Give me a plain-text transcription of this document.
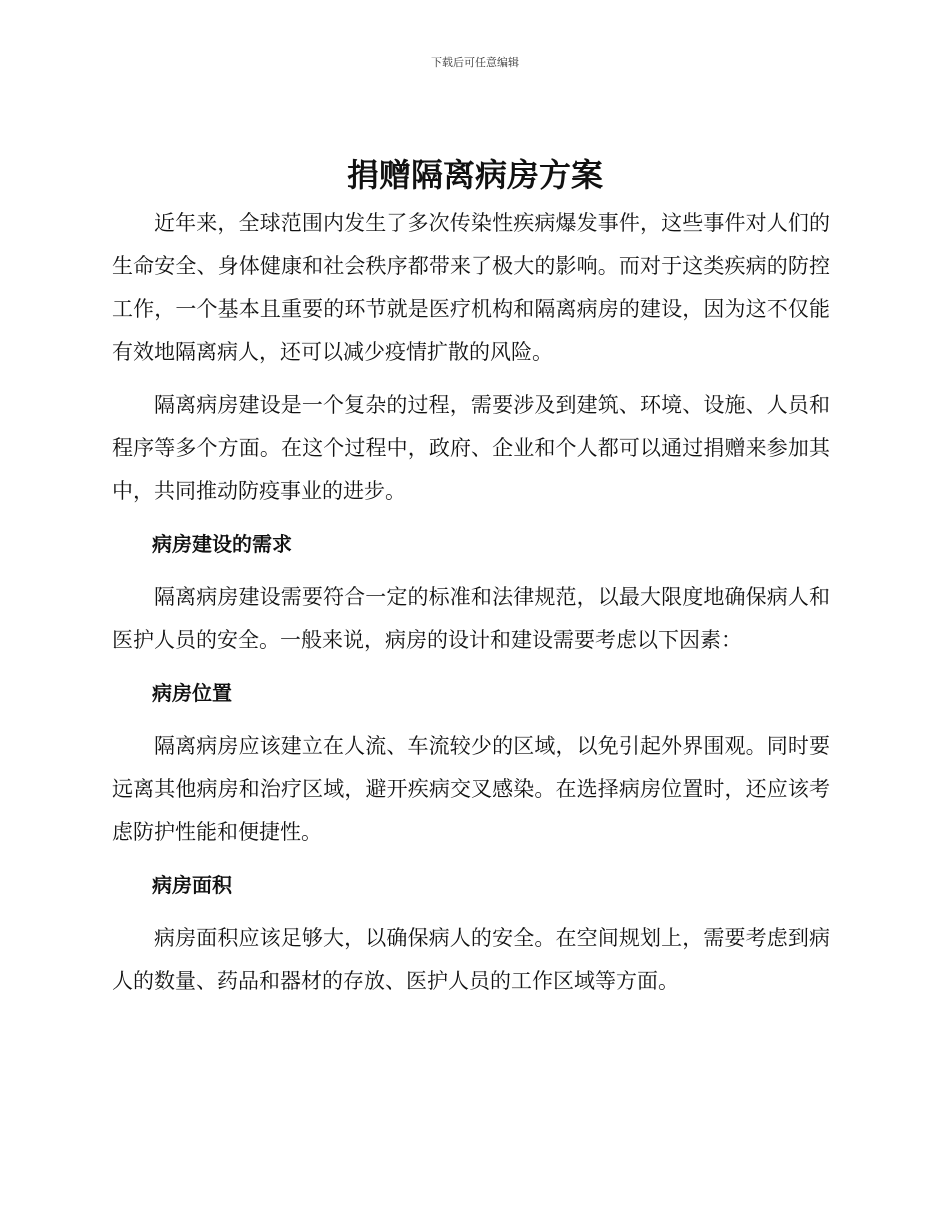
下载后可任意编辑
捐赠隔离病房方案

近年来，全球范围内发生了多次传染性疾病爆发事件，这些事件对人们的生命安全、身体健康和社会秩序都带来了极大的影响。而对于这类疾病的防控工作，一个基本且重要的环节就是医疗机构和隔离病房的建设，因为这不仅能有效地隔离病人，还可以减少疫情扩散的风险。

隔离病房建设是一个复杂的过程，需要涉及到建筑、环境、设施、人员和程序等多个方面。在这个过程中，政府、企业和个人都可以通过捐赠来参加其中，共同推动防疫事业的进步。

病房建设的需求

隔离病房建设需要符合一定的标准和法律规范，以最大限度地确保病人和医护人员的安全。一般来说，病房的设计和建设需要考虑以下因素：

病房位置

隔离病房应该建立在人流、车流较少的区域，以免引起外界围观。同时要远离其他病房和治疗区域，避开疾病交叉感染。在选择病房位置时，还应该考虑防护性能和便捷性。

病房面积

病房面积应该足够大，以确保病人的安全。在空间规划上，需要考虑到病人的数量、药品和器材的存放、医护人员的工作区域等方面。
